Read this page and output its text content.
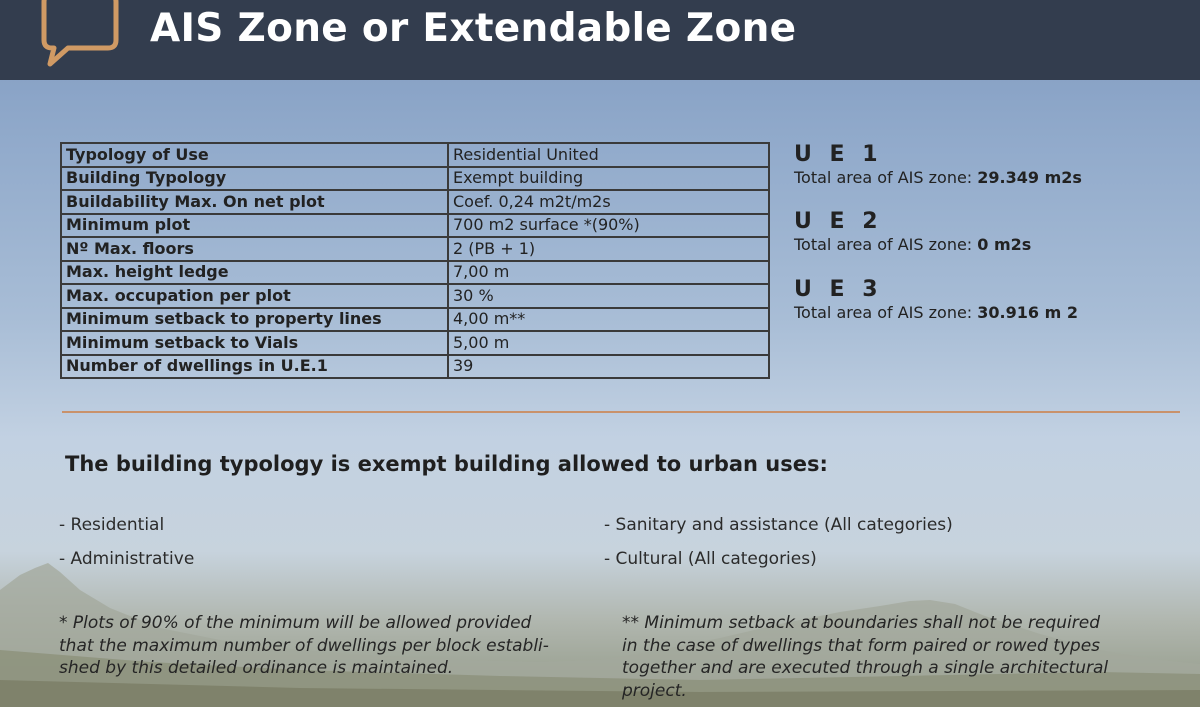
AIS Zone or Extendable Zone
Typology of Use	Residential United
Building Typology	Exempt building
Buildability Max. On net plot	Coef. 0,24 m2t/m2s
Minimum plot	700 m2 surface *(90%)
Nº Max. floors	2 (PB + 1)
Max. height ledge	7,00 m
Max. occupation per plot	30 %
Minimum setback to property lines	4,00 m**
Minimum setback to Vials	5,00 m
Number of dwellings in U.E.1	39
U E 1
Total area of AIS zone: 29.349 m2s
U E 2
Total area of AIS zone: 0 m2s
U E 3
Total area of AIS zone: 30.916 m 2
The building typology is exempt building allowed to urban uses:
- Residential
- Administrative
- Sanitary and assistance (All categories)
- Cultural (All categories)
* Plots of 90% of the minimum will be allowed provided
that the maximum number of dwellings per block establi-
shed by this detailed ordinance is maintained.
** Minimum setback at boundaries shall not be required
in the case of dwellings that form paired or rowed types
together and are executed through a single architectural
project.
